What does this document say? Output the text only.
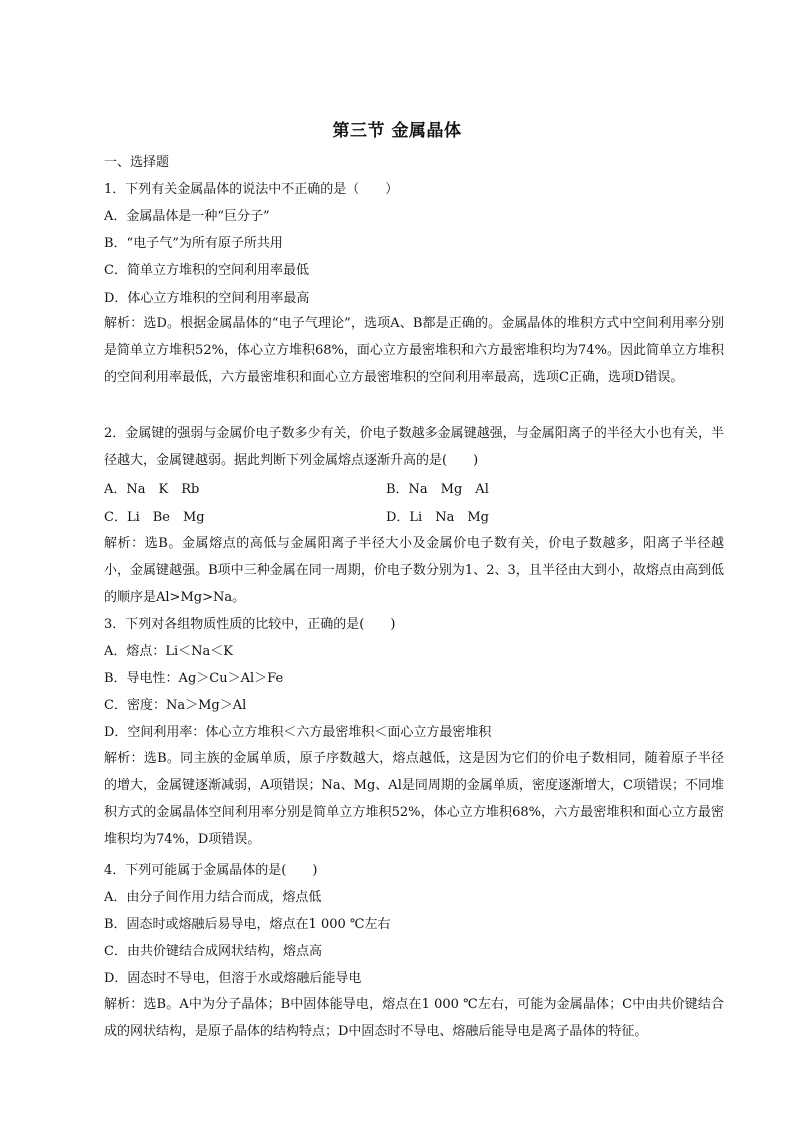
第三节 金属晶体
一、选择题
1．下列有关金属晶体的说法中不正确的是（　　）
A．金属晶体是一种“巨分子”
B．“电子气”为所有原子所共用
C．简单立方堆积的空间利用率最低
D．体心立方堆积的空间利用率最高

解析：选D。根据金属晶体的“电子气理论”，选项A、B都是正确的。金属晶体的堆积方式中空间利用率分别是简单立方堆积52%，体心立方堆积68%，面心立方最密堆积和六方最密堆积均为74%。因此简单立方堆积的空间利用率最低，六方最密堆积和面心立方最密堆积的空间利用率最高，选项C正确，选项D错误。

2．金属键的强弱与金属价电子数多少有关，价电子数越多金属键越强，与金属阳离子的半径大小也有关，半径越大，金属键越弱。据此判断下列金属熔点逐渐升高的是(　　)

A．Na　K　Rb	B．Na　Mg　Al
C．Li　Be　Mg	D．Li　Na　Mg

解析：选B。金属熔点的高低与金属阳离子半径大小及金属价电子数有关，价电子数越多，阳离子半径越小，金属键越强。B项中三种金属在同一周期，价电子数分别为1、2、3，且半径由大到小，故熔点由高到低的顺序是Al>Mg>Na。

3．下列对各组物质性质的比较中，正确的是(　　)
A．熔点：Li＜Na＜K
B．导电性：Ag＞Cu＞Al＞Fe
C．密度：Na＞Mg＞Al
D．空间利用率：体心立方堆积＜六方最密堆积＜面心立方最密堆积

解析：选B。同主族的金属单质，原子序数越大，熔点越低，这是因为它们的价电子数相同，随着原子半径的增大，金属键逐渐减弱，A项错误；Na、Mg、Al是同周期的金属单质，密度逐渐增大，C项错误；不同堆积方式的金属晶体空间利用率分别是简单立方堆积52%，体心立方堆积68%，六方最密堆积和面心立方最密堆积均为74%，D项错误。

4．下列可能属于金属晶体的是(　　)
A．由分子间作用力结合而成，熔点低
B．固态时或熔融后易导电，熔点在1 000 ℃左右
C．由共价键结合成网状结构，熔点高
D．固态时不导电，但溶于水或熔融后能导电

解析：选B。A中为分子晶体；B中固体能导电，熔点在1 000 ℃左右，可能为金属晶体；C中由共价键结合成的网状结构，是原子晶体的结构特点；D中固态时不导电、熔融后能导电是离子晶体的特征。
